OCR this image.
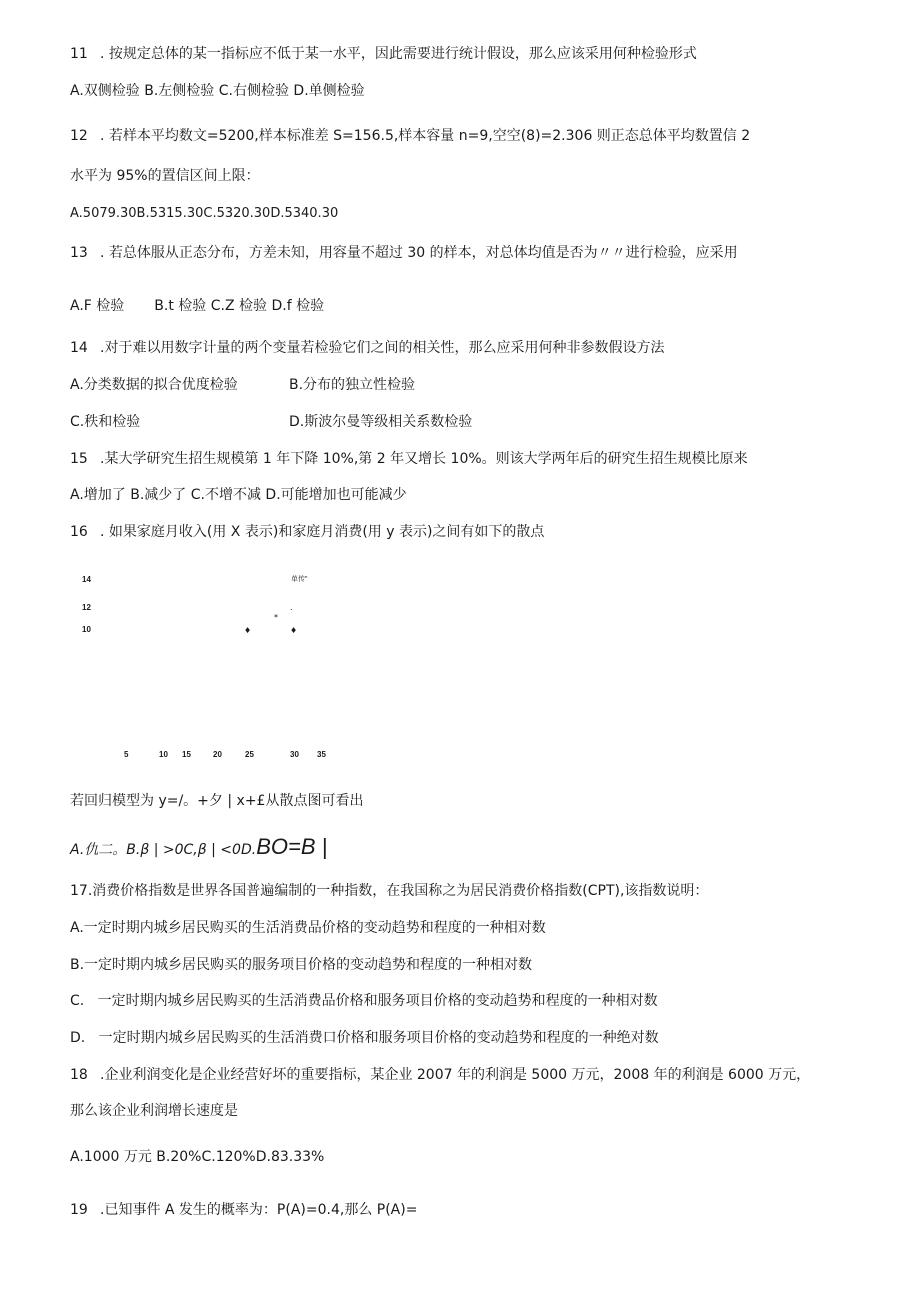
11 . 按规定总体的某一指标应不低于某一水平，因此需要进行统计假设，那么应该采用何种检验形式
A.双侧检验 B.左侧检验 C.右侧检验 D.单侧检验
12 . 若样本平均数文=5200,样本标准差 S=156.5,样本容量 n=9,空空(8)=2.306 则正态总体平均数置信 2
水平为 95%的置信区间上限：
A.5079.30B.5315.30C.5320.30D.5340.30
13 . 若总体服从正态分布，方差未知，用容量不超过 30 的样本，对总体均值是否为〃〃进行检验，应采用
A.F 检验 B.t 检验 C.Z 检验 D.f 检验
14 .对于难以用数字计量的两个变量若检验它们之间的相关性，那么应采用何种非参数假设方法
A.分类数据的拟合优度检验	B.分布的独立性检验
C.秩和检验	D.斯波尔曼等级相关系数检验
15 .某大学研究生招生规模第 1 年下降 10%,第 2 年又增长 10%。则该大学两年后的研究生招生规模比原来
A.增加了 B.减少了 C.不增不减 D.可能增加也可能减少
16 . 如果家庭月收入(用 X 表示)和家庭月消费(用 y 表示)之间有如下的散点
14
12
10
单传"
♦
*
♦
.
5	10 15	20	25	30 35
若回归模型为 y=/。+夕 | x+£从散点图可看出
A.仇二。B.β | >0C,β | <0D.BO=B |
17.消费价格指数是世界各国普遍编制的一种指数，在我国称之为居民消费价格指数(CPT),该指数说明：
A.一定时期内城乡居民购买的生活消费品价格的变动趋势和程度的一种相对数
B.一定时期内城乡居民购买的服务项目价格的变动趋势和程度的一种相对数
C.   一定时期内城乡居民购买的生活消费品价格和服务项目价格的变动趋势和程度的一种相对数
D.   一定时期内城乡居民购买的生活消费口价格和服务项目价格的变动趋势和程度的一种绝对数
18 .企业利润变化是企业经营好坏的重要指标，某企业 2007 年的利润是 5000 万元，2008 年的利润是 6000 万元，
那么该企业利润增长速度是
A.1000 万元 B.20%C.120%D.83.33%
19 .已知事件 A 发生的概率为：P(A)=0.4,那么 P(A)=
